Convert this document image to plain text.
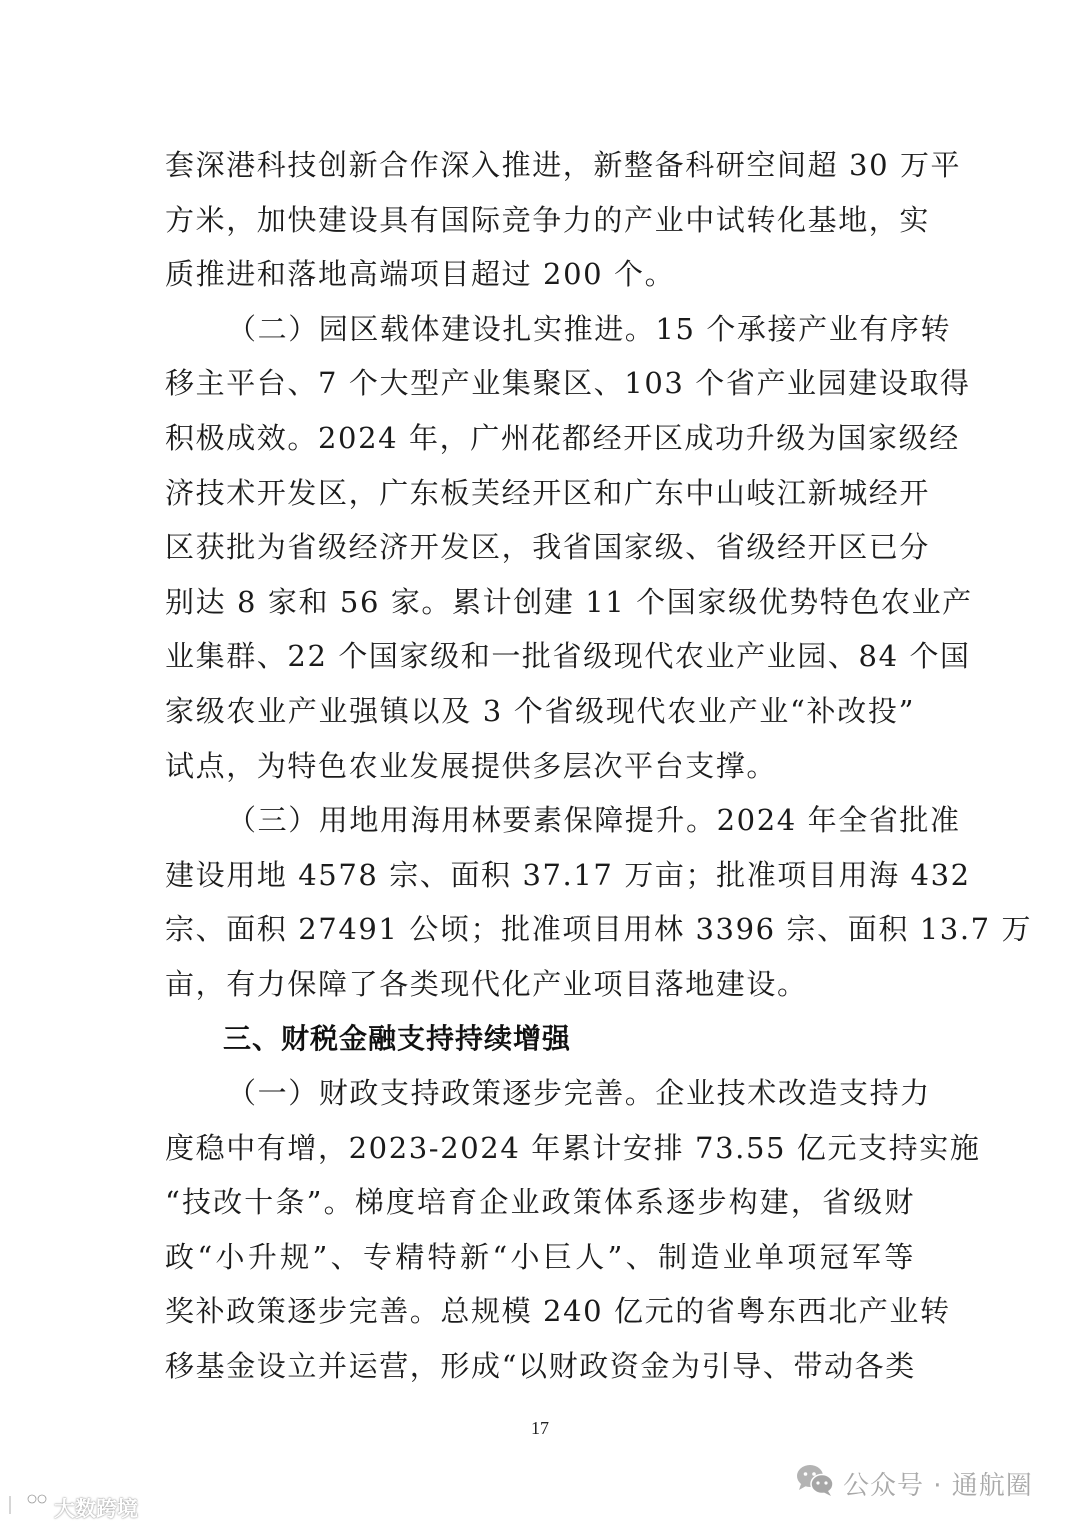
套深港科技创新合作深入推进，新整备科研空间超 30 万平
方米，加快建设具有国际竞争力的产业中试转化基地，实
质推进和落地高端项目超过 200 个。
（二）园区载体建设扎实推进。15 个承接产业有序转
移主平台、7 个大型产业集聚区、103 个省产业园建设取得
积极成效。2024 年，广州花都经开区成功升级为国家级经
济技术开发区，广东板芙经开区和广东中山岐江新城经开
区获批为省级经济开发区，我省国家级、省级经开区已分
别达 8 家和 56 家。累计创建 11 个国家级优势特色农业产
业集群、22 个国家级和一批省级现代农业产业园、84 个国
家级农业产业强镇以及 3 个省级现代农业产业“补改投”
试点，为特色农业发展提供多层次平台支撑。
（三）用地用海用林要素保障提升。2024 年全省批准
建设用地 4578 宗、面积 37.17 万亩；批准项目用海 432
宗、面积 27491 公顷；批准项目用林 3396 宗、面积 13.7 万
亩，有力保障了各类现代化产业项目落地建设。
三、财税金融支持持续增强
（一）财政支持政策逐步完善。企业技术改造支持力
度稳中有增，2023-2024 年累计安排 73.55 亿元支持实施
“技改十条”。梯度培育企业政策体系逐步构建，省级财
政“小升规”、专精特新“小巨人”、制造业单项冠军等
奖补政策逐步完善。总规模 240 亿元的省粤东西北产业转
移基金设立并运营，形成“以财政资金为引导、带动各类
17
公众号 · 通航圈
大数跨境
